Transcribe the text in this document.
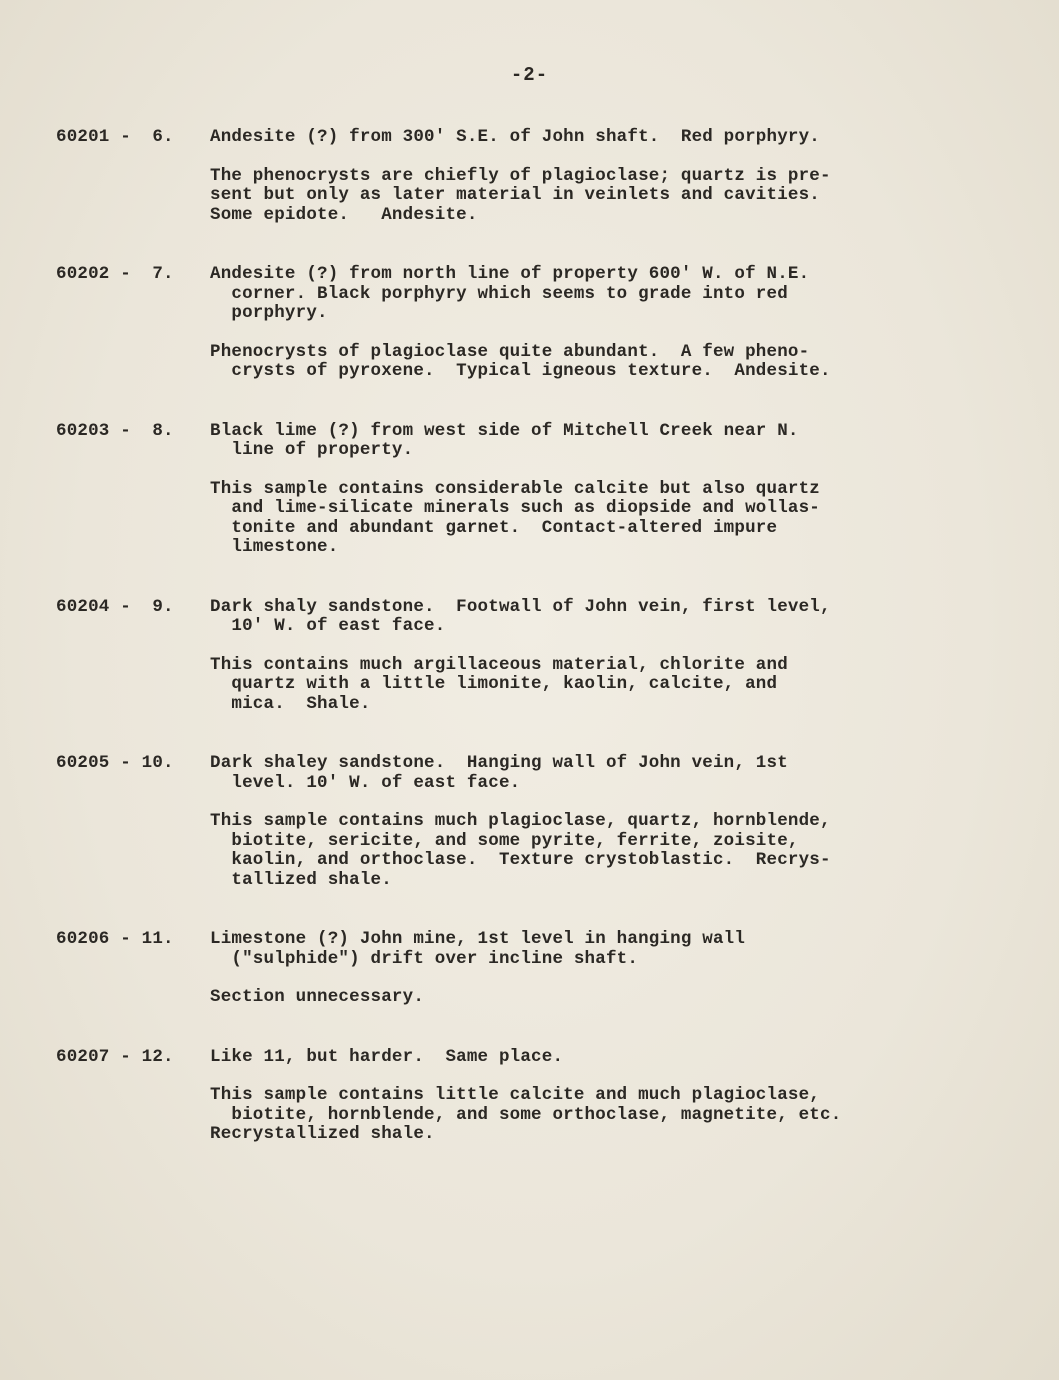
-2-
60201 -  6.	Andesite (?) from 300' S.E. of John shaft.  Red porphyry.
The phenocrysts are chiefly of plagioclase; quartz is pre-
sent but only as later material in veinlets and cavities.
Some epidote.   Andesite.
60202 -  7.	Andesite (?) from north line of property 600' W. of N.E.
corner. Black porphyry which seems to grade into red
porphyry.
Phenocrysts of plagioclase quite abundant.  A few pheno-
crysts of pyroxene.  Typical igneous texture.  Andesite.
60203 -  8.	Black lime (?) from west side of Mitchell Creek near N.
line of property.
This sample contains considerable calcite but also quartz
and lime-silicate minerals such as diopside and wollas-
tonite and abundant garnet.  Contact-altered impure
limestone.
60204 -  9.	Dark shaly sandstone.  Footwall of John vein, first level,
10' W. of east face.
This contains much argillaceous material, chlorite and
quartz with a little limonite, kaolin, calcite, and
mica.  Shale.
60205 - 10.	Dark shaley sandstone.  Hanging wall of John vein, 1st
level. 10' W. of east face.
This sample contains much plagioclase, quartz, hornblende,
biotite, sericite, and some pyrite, ferrite, zoisite,
kaolin, and orthoclase.  Texture crystoblastic.  Recrys-
tallized shale.
60206 - 11.	Limestone (?) John mine, 1st level in hanging wall
("sulphide") drift over incline shaft.
Section unnecessary.
60207 - 12.	Like 11, but harder.  Same place.
This sample contains little calcite and much plagioclase,
biotite, hornblende, and some orthoclase, magnetite, etc.
Recrystallized shale.
